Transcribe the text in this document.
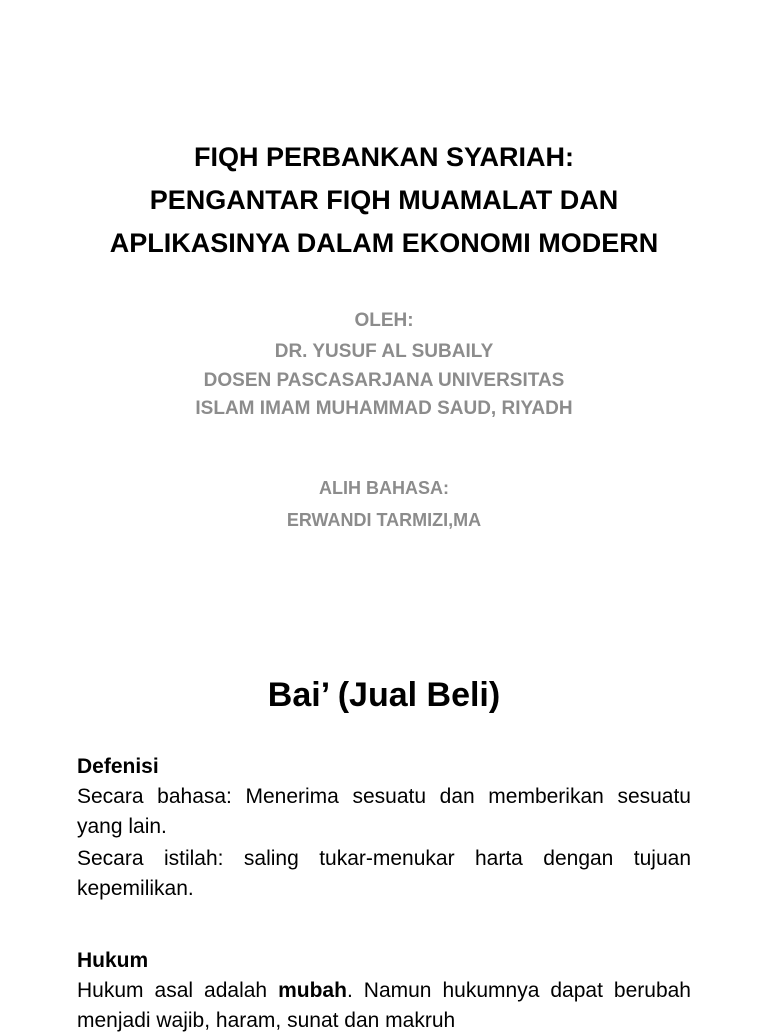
FIQH PERBANKAN SYARIAH:
PENGANTAR FIQH MUAMALAT DAN
APLIKASINYA DALAM EKONOMI MODERN
OLEH:
DR. YUSUF AL SUBAILY
DOSEN PASCASARJANA UNIVERSITAS
ISLAM IMAM MUHAMMAD SAUD, RIYADH
ALIH BAHASA:
ERWANDI TARMIZI,MA
Bai’ (Jual Beli)
Defenisi
Secara bahasa: Menerima sesuatu dan memberikan sesuatu yang lain.
Secara istilah: saling tukar-menukar harta dengan tujuan kepemilikan.
Hukum
Hukum asal adalah mubah. Namun hukumnya dapat berubah menjadi wajib, haram, sunat dan makruh
